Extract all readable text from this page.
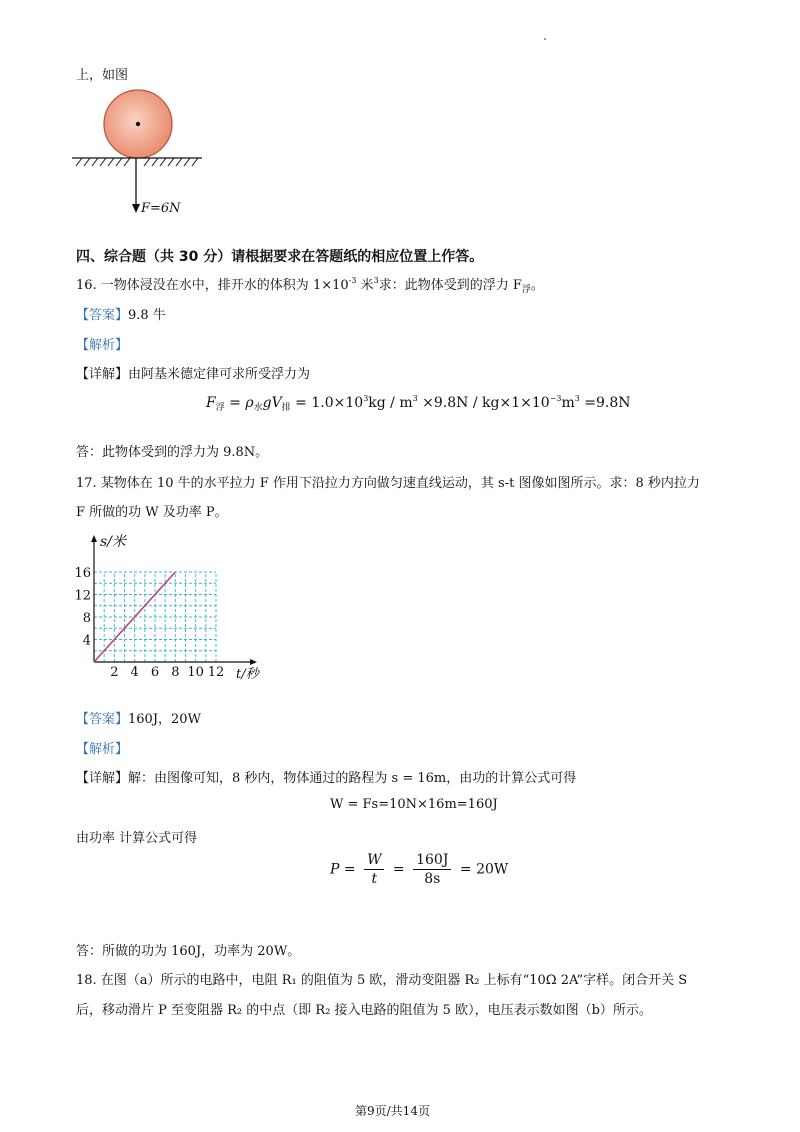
上，如图
F=6N
四、综合题（共 30 分）请根据要求在答题纸的相应位置上作答。
16. 一物体浸没在水中，排开水的体积为 $1\times 10^{-3}$ 米$^3$求：此物体受到的浮力 $F_浮$。
【答案】9.8 牛
【解析】
【详解】由阿基米德定律可求所受浮力为
$F_浮 = \rho_水gV_排 = 1.0\times 10^3kg / m^3 \times 9.8N / kg\times 1\times 10^{-3}m^3 =9.8N$
答：此物体受到的浮力为 9.8N。
17. 某物体在 10 牛的水平拉力 F 作用下沿拉力方向做匀速直线运动，其 s-t 图像如图所示。求：8 秒内拉力
F 所做的功 W 及功率 P。
2 4 6 8 10 12
4
8
12
16
s/米
t/秒
【答案】160J，20W
【解析】
【详解】解：由图像可知，8 秒内，物体通过的路程为 s = 16m，由功的计算公式可得
W = Fs=10N×16m=160J
由功率 计算公式可得
$P = \frac{W}{t} = \frac{160J}{8s} = 20W$
答：所做的功为 160J，功率为 20W。
18. 在图（a）所示的电路中，电阻 R₁ 的阻值为 5 欧，滑动变阻器 R₂ 上标有“10Ω 2A”字样。闭合开关 S
后，移动滑片 P 至变阻器 R₂ 的中点（即 R₂ 接入电路的阻值为 5 欧），电压表示数如图（b）所示。
第9页/共14页
